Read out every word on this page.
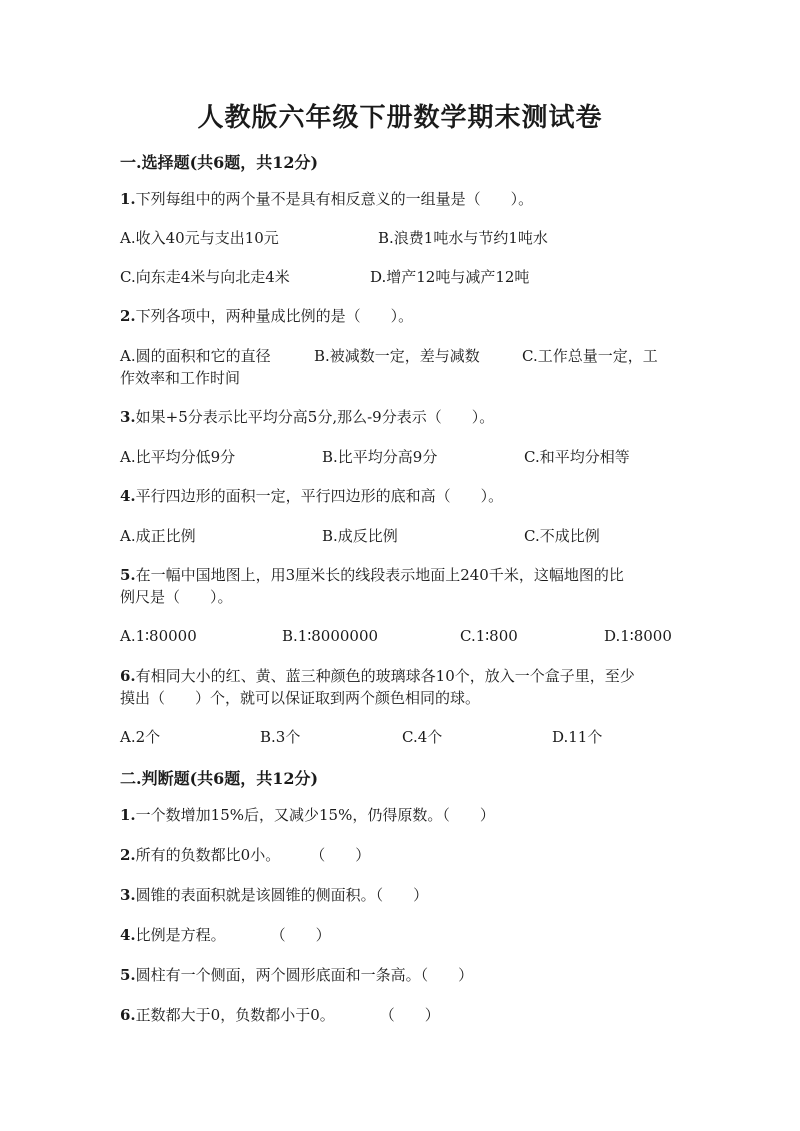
人教版六年级下册数学期末测试卷
一.选择题(共6题，共12分)
1.下列每组中的两个量不是具有相反意义的一组量是（　　）。
A.收入40元与支出10元	B.浪费1吨水与节约1吨水
C.向东走4米与向北走4米	D.增产12吨与减产12吨
2.下列各项中，两种量成比例的是（　　）。
A.圆的面积和它的直径	B.被减数一定，差与减数	C.工作总量一定，工
作效率和工作时间
3.如果+5分表示比平均分高5分,那么-9分表示（　　）。
A.比平均分低9分	B.比平均分高9分	C.和平均分相等
4.平行四边形的面积一定，平行四边形的底和高（　　）。
A.成正比例	B.成反比例	C.不成比例
5.在一幅中国地图上，用3厘米长的线段表示地面上240千米，这幅地图的比
例尺是（　　）。
A.1∶80000	B.1∶8000000	C.1∶800	D.1∶8000
6.有相同大小的红、黄、蓝三种颜色的玻璃球各10个，放入一个盒子里，至少
摸出（　　）个，就可以保证取到两个颜色相同的球。
A.2个	B.3个	C.4个	D.11个
二.判断题(共6题，共12分)
1.一个数增加15%后，又减少15%，仍得原数。（　　）
2.所有的负数都比0小。　　　（　　）
3.圆锥的表面积就是该圆锥的侧面积。（　　）
4.比例是方程。　　　　（　　）
5.圆柱有一个侧面，两个圆形底面和一条高。（　　）
6.正数都大于0，负数都小于0。　　　　（　　）
